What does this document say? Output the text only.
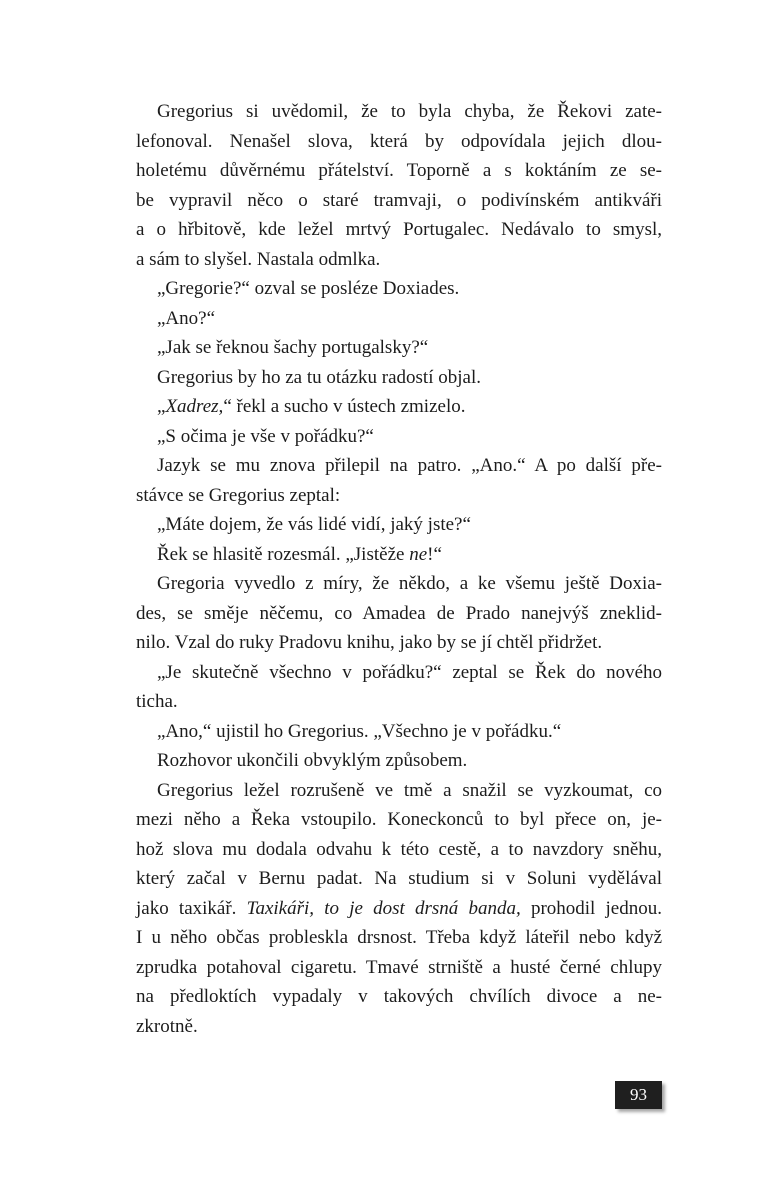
Gregorius si uvědomil, že to byla chyba, že Řekovi zate-
lefonoval. Nenašel slova, která by odpovídala jejich dlou-
holetému důvěrnému přátelství. Toporně a s koktáním ze se-
be vypravil něco o staré tramvaji, o podivínském antikváři
a o hřbitově, kde ležel mrtvý Portugalec. Nedávalo to smysl,
a sám to slyšel. Nastala odmlka.
„Gregorie?“ ozval se posléze Doxiades.
„Ano?“
„Jak se řeknou šachy portugalsky?“
Gregorius by ho za tu otázku radostí objal.
„Xadrez,“ řekl a sucho v ústech zmizelo.
„S očima je vše v pořádku?“
Jazyk se mu znova přilepil na patro. „Ano.“ A po další pře-
stávce se Gregorius zeptal:
„Máte dojem, že vás lidé vidí, jaký jste?“
Řek se hlasitě rozesmál. „Jistěže ne!“
Gregoria vyvedlo z míry, že někdo, a ke všemu ještě Doxia-
des, se směje něčemu, co Amadea de Prado nanejvýš zneklid-
nilo. Vzal do ruky Pradovu knihu, jako by se jí chtěl přidržet.
„Je skutečně všechno v pořádku?“ zeptal se Řek do nového
ticha.
„Ano,“ ujistil ho Gregorius. „Všechno je v pořádku.“
Rozhovor ukončili obvyklým způsobem.
Gregorius ležel rozrušeně ve tmě a snažil se vyzkoumat, co
mezi něho a Řeka vstoupilo. Koneckonců to byl přece on, je-
hož slova mu dodala odvahu k této cestě, a to navzdory sněhu,
který začal v Bernu padat. Na studium si v Soluni vydělával
jako taxikář. Taxikáři, to je dost drsná banda, prohodil jednou.
I u něho občas probleskla drsnost. Třeba když láteřil nebo když
zprudka potahoval cigaretu. Tmavé strniště a husté černé chlupy
na předloktích vypadaly v takových chvílích divoce a ne-
zkrotně.
93
